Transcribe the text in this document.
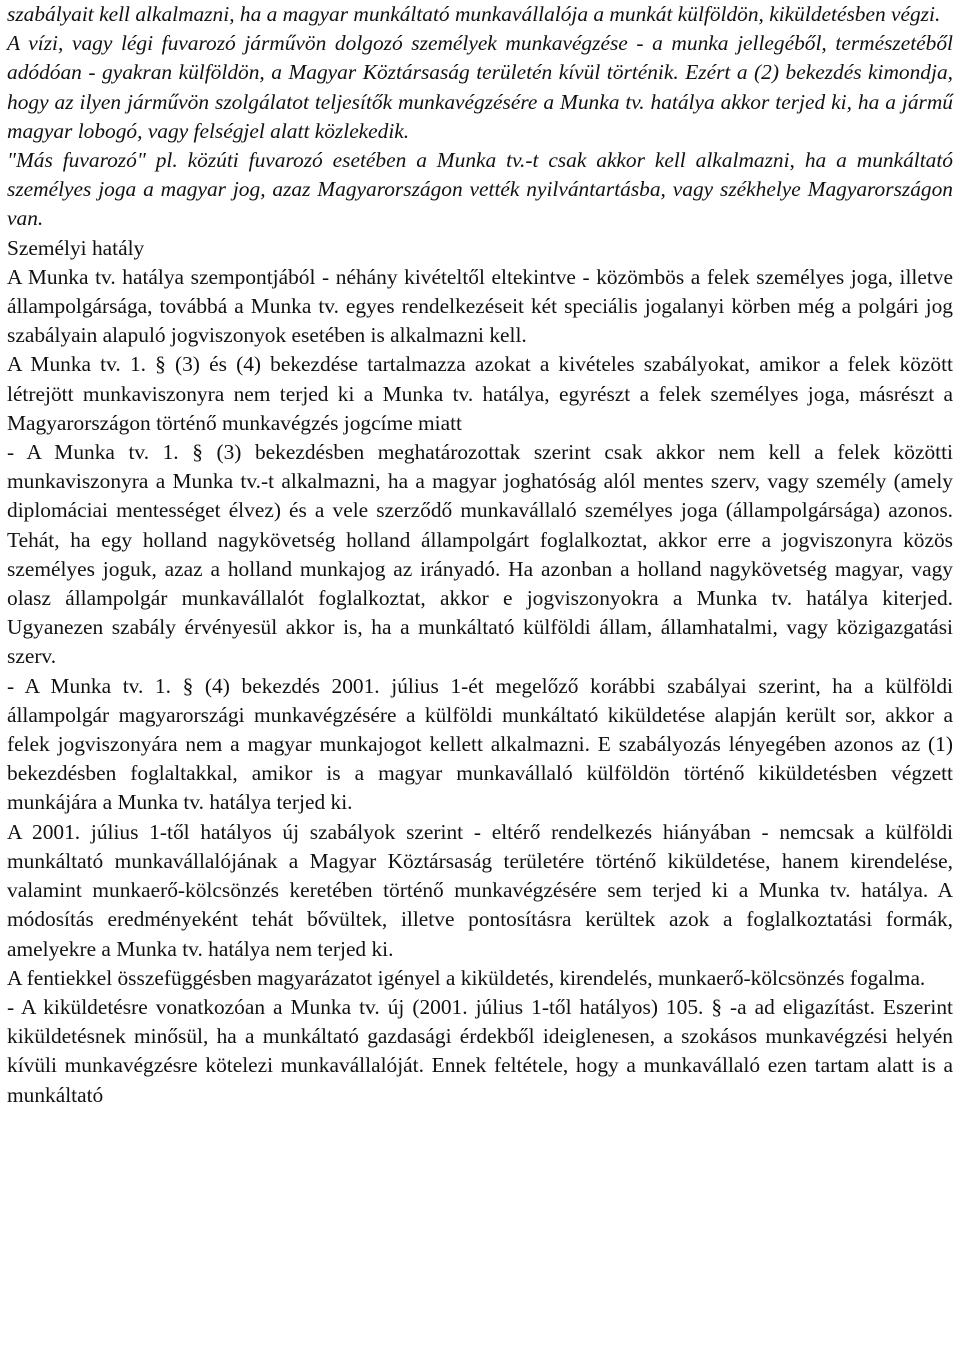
szabályait kell alkalmazni, ha a magyar munkáltató munkavállalója a munkát külföldön, kiküldetésben végzi.

A vízi, vagy légi fuvarozó járművön dolgozó személyek munkavégzése - a munka jellegéből, természetéből adódóan - gyakran külföldön, a Magyar Köztársaság területén kívül történik. Ezért a (2) bekezdés kimondja, hogy az ilyen járművön szolgálatot teljesítők munkavégzésére a Munka tv. hatálya akkor terjed ki, ha a jármű magyar lobogó, vagy felségjel alatt közlekedik.

"Más fuvarozó" pl. közúti fuvarozó esetében a Munka tv.-t csak akkor kell alkalmazni, ha a munkáltató személyes joga a magyar jog, azaz Magyarországon vették nyilvántartásba, vagy székhelye Magyarországon van.

Személyi hatály

A Munka tv. hatálya szempontjából - néhány kivételtől eltekintve - közömbös a felek személyes joga, illetve állampolgársága, továbbá a Munka tv. egyes rendelkezéseit két speciális jogalanyi körben még a polgári jog szabályain alapuló jogviszonyok esetében is alkalmazni kell.

A Munka tv. 1. § (3) és (4) bekezdése tartalmazza azokat a kivételes szabályokat, amikor a felek között létrejött munkaviszonyra nem terjed ki a Munka tv. hatálya, egyrészt a felek személyes joga, másrészt a Magyarországon történő munkavégzés jogcíme miatt

- A Munka tv. 1. § (3) bekezdésben meghatározottak szerint csak akkor nem kell a felek közötti munkaviszonyra a Munka tv.-t alkalmazni, ha a magyar joghatóság alól mentes szerv, vagy személy (amely diplomáciai mentességet élvez) és a vele szerződő munkavállaló személyes joga (állampolgársága) azonos. Tehát, ha egy holland nagykövetség holland állampolgárt foglalkoztat, akkor erre a jogviszonyra közös személyes joguk, azaz a holland munkajog az irányadó. Ha azonban a holland nagykövetség magyar, vagy olasz állampolgár munkavállalót foglalkoztat, akkor e jogviszonyokra a Munka tv. hatálya kiterjed. Ugyanezen szabály érvényesül akkor is, ha a munkáltató külföldi állam, államhatalmi, vagy közigazgatási szerv.

- A Munka tv. 1. § (4) bekezdés 2001. július 1-ét megelőző korábbi szabályai szerint, ha a külföldi állampolgár magyarországi munkavégzésére a külföldi munkáltató kiküldetése alapján került sor, akkor a felek jogviszonyára nem a magyar munkajogot kellett alkalmazni. E szabályozás lényegében azonos az (1) bekezdésben foglaltakkal, amikor is a magyar munkavállaló külföldön történő kiküldetésben végzett munkájára a Munka tv. hatálya terjed ki.

A 2001. július 1-től hatályos új szabályok szerint - eltérő rendelkezés hiányában - nemcsak a külföldi munkáltató munkavállalójának a Magyar Köztársaság területére történő kiküldetése, hanem kirendelése, valamint munkaerő-kölcsönzés keretében történő munkavégzésére sem terjed ki a Munka tv. hatálya. A módosítás eredményeként tehát bővültek, illetve pontosításra kerültek azok a foglalkoztatási formák, amelyekre a Munka tv. hatálya nem terjed ki.

A fentiekkel összefüggésben magyarázatot igényel a kiküldetés, kirendelés, munkaerő-kölcsönzés fogalma.

- A kiküldetésre vonatkozóan a Munka tv. új (2001. július 1-től hatályos) 105. § -a ad eligazítást. Eszerint kiküldetésnek minősül, ha a munkáltató gazdasági érdekből ideiglenesen, a szokásos munkavégzési helyén kívüli munkavégzésre kötelezi munkavállalóját. Ennek feltétele, hogy a munkavállaló ezen tartam alatt is a munkáltató
